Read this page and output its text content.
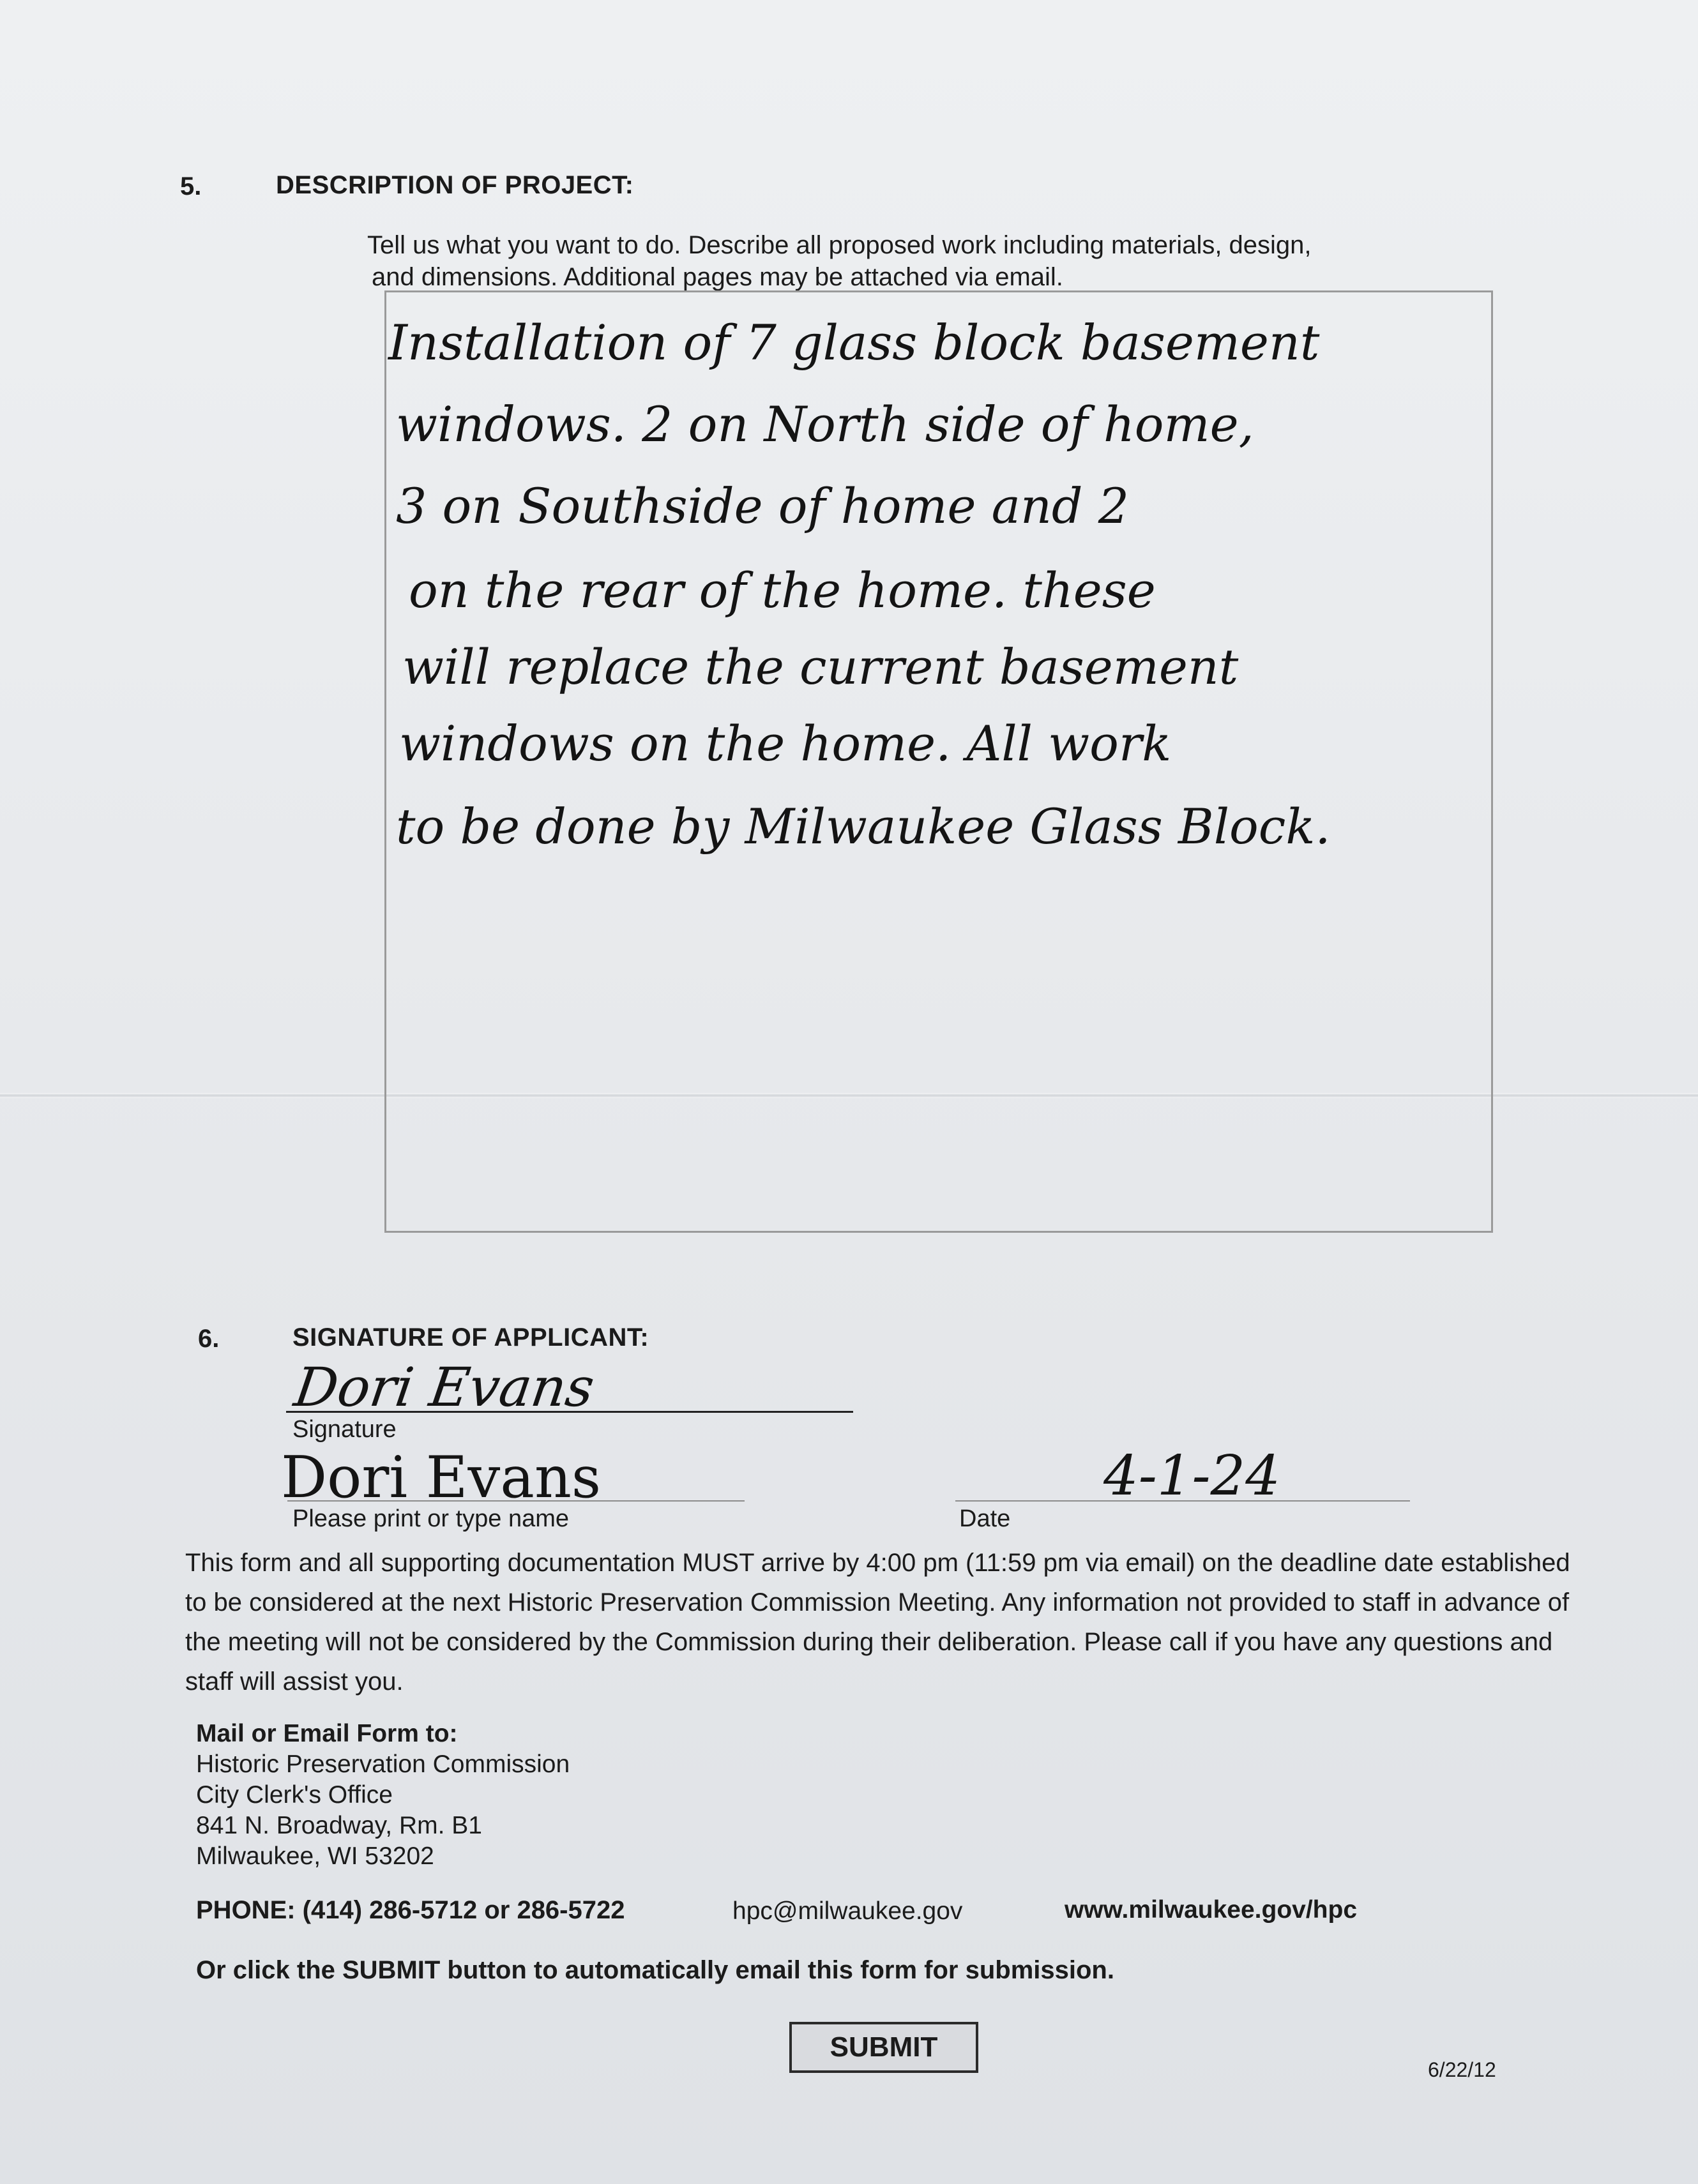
5.	DESCRIPTION OF PROJECT:
Tell us what you want to do. Describe all proposed work including materials, design,
and dimensions. Additional pages may be attached via email.
Installation of 7 glass block basement
windows. 2 on North side of home,
3 on Southside of home and 2
on the rear of the home. these
will replace the current basement
windows on the home. All work
to be done by Milwaukee Glass Block.
6.	SIGNATURE OF APPLICANT:
Dori Evans
Signature
Dori Evans
Please print or type name
4-1-24
Date
This form and all supporting documentation MUST arrive by 4:00 pm (11:59 pm via email) on the deadline date established
to be considered at the next Historic Preservation Commission Meeting. Any information not provided to staff in advance of
the meeting will not be considered by the Commission during their deliberation. Please call if you have any questions and
staff will assist you.
Mail or Email Form to:
Historic Preservation Commission
City Clerk's Office
841 N. Broadway, Rm. B1
Milwaukee, WI 53202
PHONE: (414) 286-5712 or 286-5722	hpc@milwaukee.gov	www.milwaukee.gov/hpc
Or click the SUBMIT button to automatically email this form for submission.
SUBMIT
6/22/12
